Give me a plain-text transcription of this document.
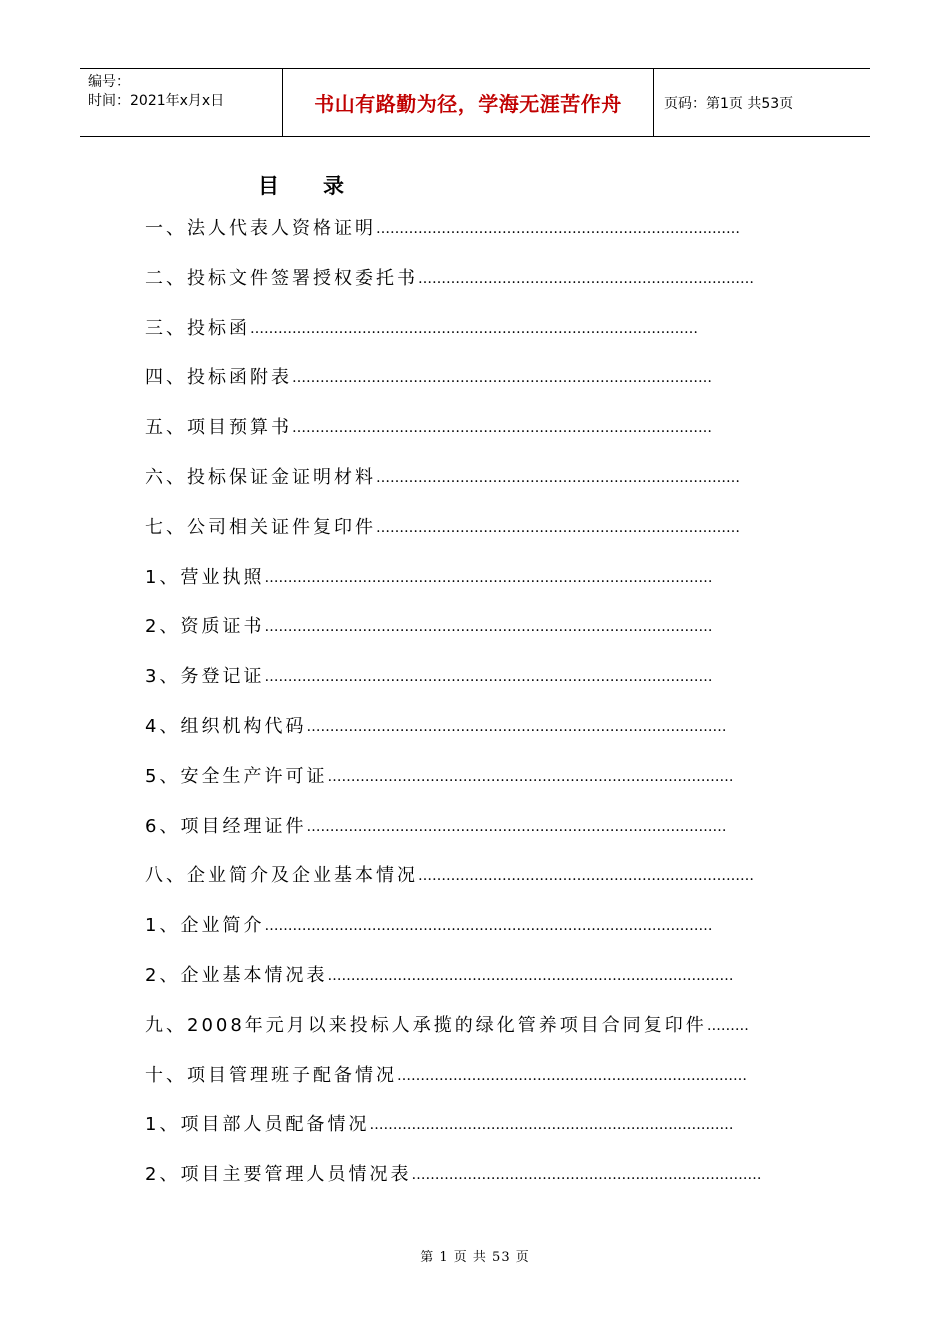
编号：
时间：2021年x月x日	书山有路勤为径，学海无涯苦作舟	页码：第1页 共53页
目录
一、法人代表人资格证明……………………………………………………………………
二、投标文件签署授权委托书………………………………………………………………
三、投标函……………………………………………………………………………………
四、投标函附表………………………………………………………………………………
五、项目预算书………………………………………………………………………………
六、投标保证金证明材料……………………………………………………………………
七、公司相关证件复印件……………………………………………………………………
1、营业执照……………………………………………………………………………………
2、资质证书……………………………………………………………………………………
3、务登记证……………………………………………………………………………………
4、组织机构代码………………………………………………………………………………
5、安全生产许可证……………………………………………………………………………
6、项目经理证件………………………………………………………………………………
八、企业简介及企业基本情况………………………………………………………………
1、企业简介……………………………………………………………………………………
2、企业基本情况表……………………………………………………………………………
九、2008年元月以来投标人承揽的绿化管养项目合同复印件………
十、项目管理班子配备情况…………………………………………………………………
1、项目部人员配备情况……………………………………………………………………
2、项目主要管理人员情况表…………………………………………………………………
第 1 页 共 53 页
